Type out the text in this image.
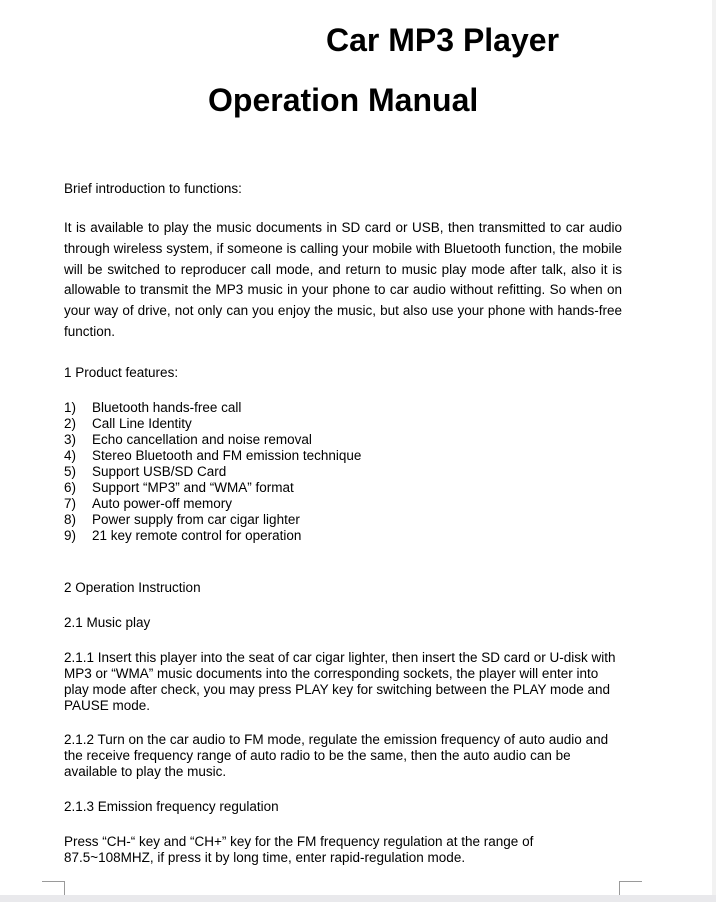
Car MP3 Player
Operation Manual

Brief introduction to functions:

It is available to play the music documents in SD card or USB, then transmitted to car audio through wireless system, if someone is calling your mobile with Bluetooth function, the mobile will be switched to reproducer call mode, and return to music play mode after talk, also it is allowable to transmit the MP3 music in your phone to car audio without refitting. So when on your way of drive, not only can you enjoy the music, but also use your phone with hands-free function.

1 Product features:

1) Bluetooth hands-free call
2) Call Line Identity
3) Echo cancellation and noise removal
4) Stereo Bluetooth and FM emission technique
5) Support USB/SD Card
6) Support “MP3” and “WMA” format
7) Auto power-off memory
8) Power supply from car cigar lighter
9) 21 key remote control for operation

2 Operation Instruction

2.1 Music play

2.1.1 Insert this player into the seat of car cigar lighter, then insert the SD card or U-disk with MP3 or “WMA” music documents into the corresponding sockets, the player will enter into play mode after check, you may press PLAY key for switching between the PLAY mode and PAUSE mode.

2.1.2 Turn on the car audio to FM mode, regulate the emission frequency of auto audio and the receive frequency range of auto radio to be the same, then the auto audio can be available to play the music.

2.1.3 Emission frequency regulation

Press “CH-“ key and “CH+” key for the FM frequency regulation at the range of 87.5~108MHZ, if press it by long time, enter rapid-regulation mode.
